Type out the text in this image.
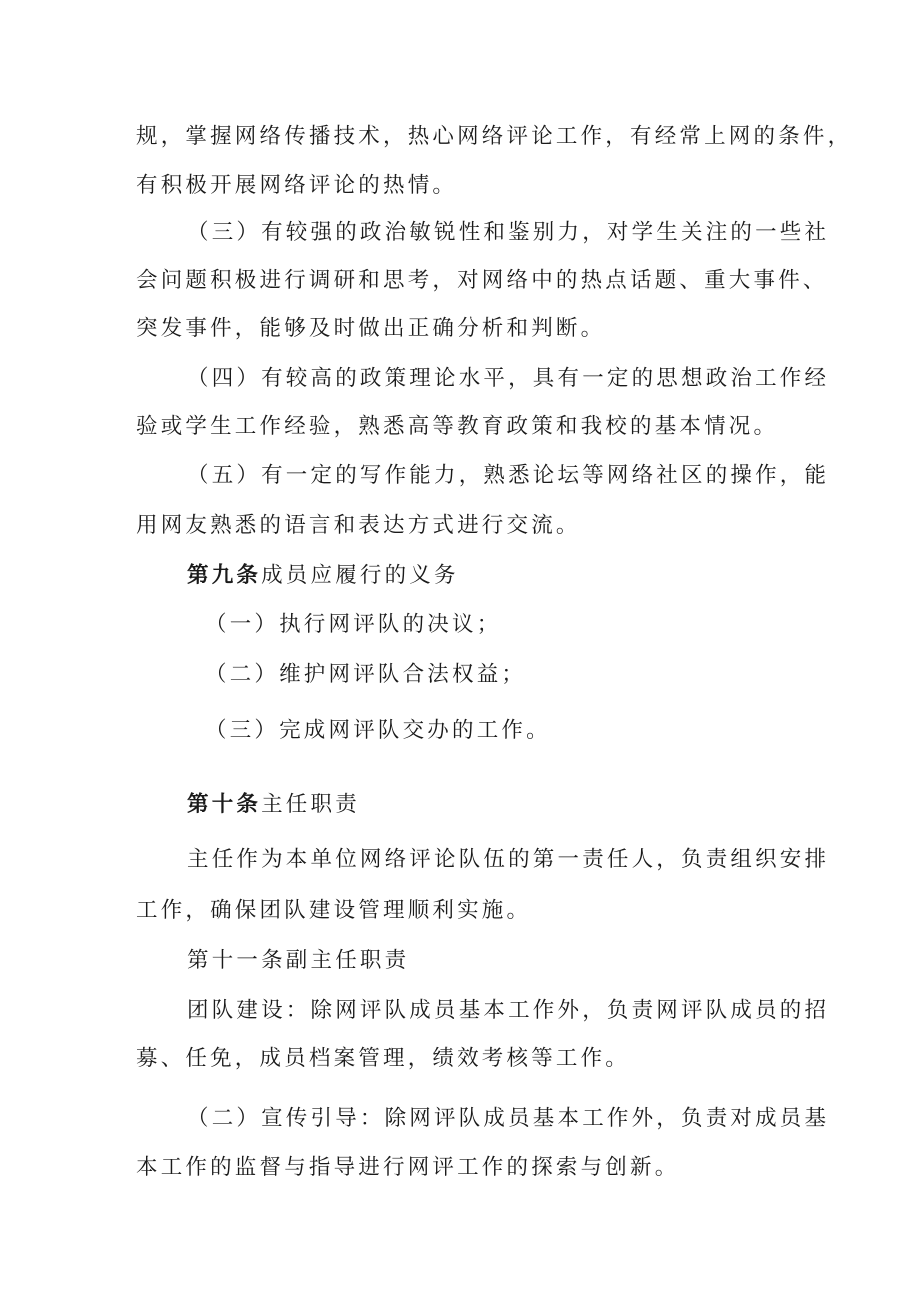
规，掌握网络传播技术，热心网络评论工作，有经常上网的条件，
有积极开展网络评论的热情。
（三）有较强的政治敏锐性和鉴别力，对学生关注的一些社
会问题积极进行调研和思考，对网络中的热点话题、重大事件、
突发事件，能够及时做出正确分析和判断。
（四）有较高的政策理论水平，具有一定的思想政治工作经
验或学生工作经验，熟悉高等教育政策和我校的基本情况。
（五）有一定的写作能力，熟悉论坛等网络社区的操作，能
用网友熟悉的语言和表达方式进行交流。
第九条成员应履行的义务
（一）执行网评队的决议；
（二）维护网评队合法权益；
（三）完成网评队交办的工作。
第十条主任职责
主任作为本单位网络评论队伍的第一责任人，负责组织安排
工作，确保团队建设管理顺利实施。
第十一条副主任职责
团队建设：除网评队成员基本工作外，负责网评队成员的招
募、任免，成员档案管理，绩效考核等工作。
（二）宣传引导：除网评队成员基本工作外，负责对成员基
本工作的监督与指导进行网评工作的探索与创新。
